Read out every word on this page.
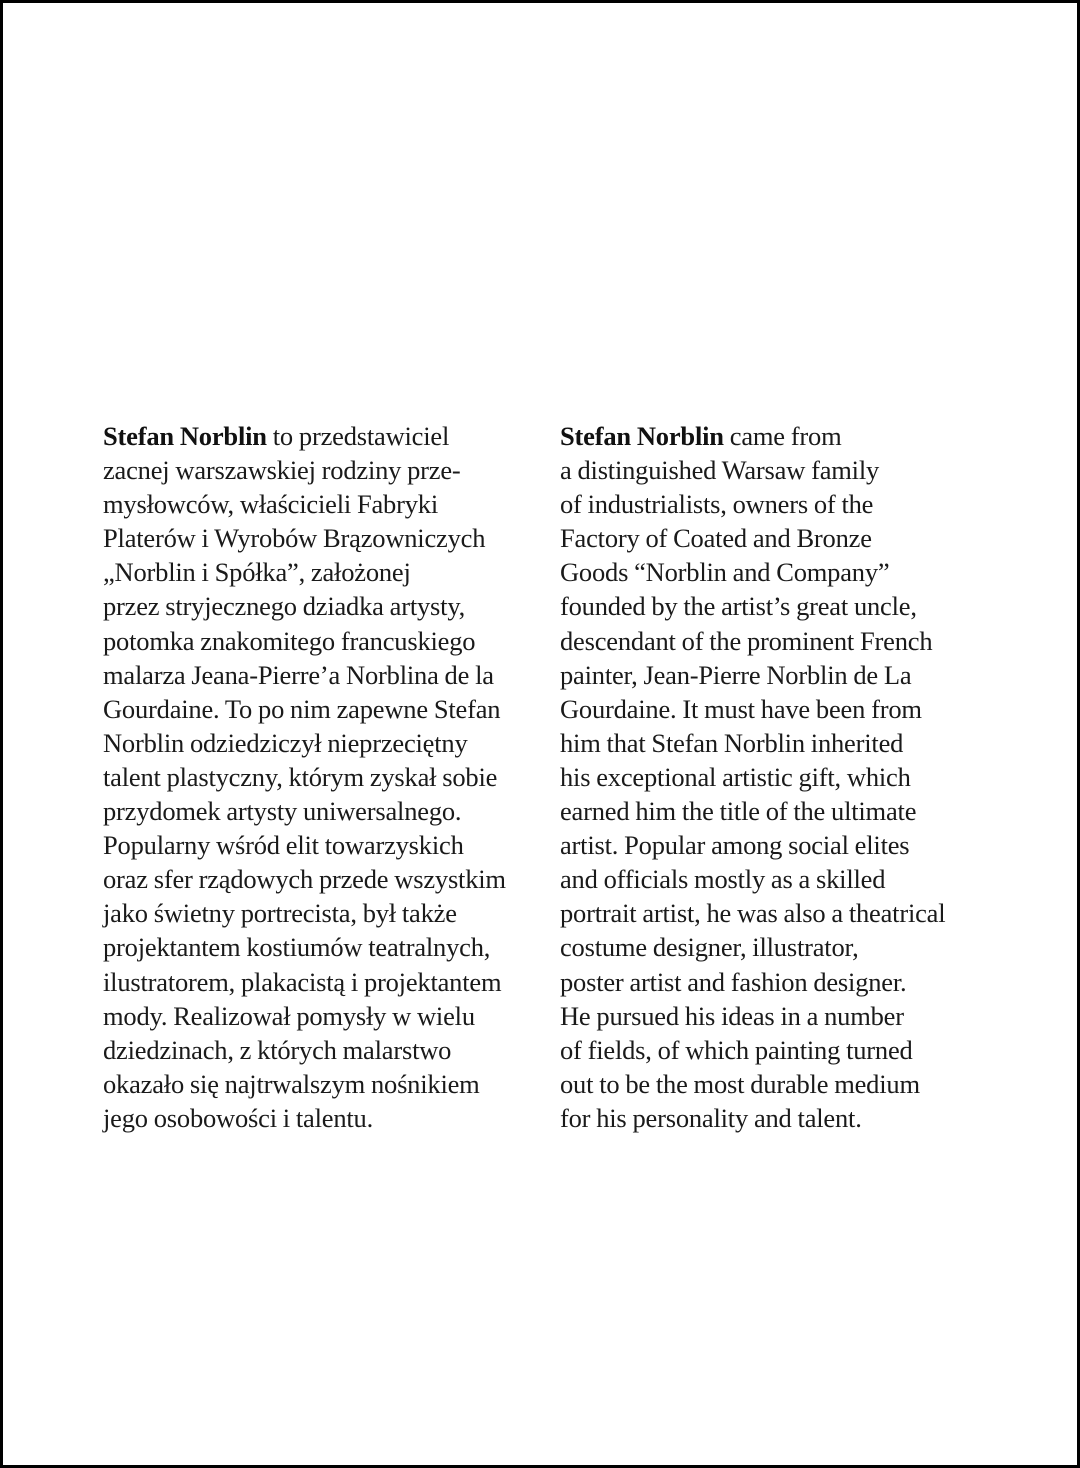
Stefan Norblin to przedstawiciel
zacnej warszawskiej rodziny prze-
mysłowców, właścicieli Fabryki
Platerów i Wyrobów Brązowniczych
„Norblin i Spółka”, założonej
przez stryjecznego dziadka artysty,
potomka znakomitego francuskiego
malarza Jeana-Pierre’a Norblina de la
Gourdaine. To po nim zapewne Stefan
Norblin odziedziczył nieprzeciętny
talent plastyczny, którym zyskał sobie
przydomek artysty uniwersalnego.
Popularny wśród elit towarzyskich
oraz sfer rządowych przede wszystkim
jako świetny portrecista, był także
projektantem kostiumów teatralnych,
ilustratorem, plakacistą i projektantem
mody. Realizował pomysły w wielu
dziedzinach, z których malarstwo
okazało się najtrwalszym nośnikiem
jego osobowości i talentu.
Stefan Norblin came from
a distinguished Warsaw family
of industrialists, owners of the
Factory of Coated and Bronze
Goods “Norblin and Company”
founded by the artist’s great uncle,
descendant of the prominent French
painter, Jean-Pierre Norblin de La
Gourdaine. It must have been from
him that Stefan Norblin inherited
his exceptional artistic gift, which
earned him the title of the ultimate
artist. Popular among social elites
and officials mostly as a skilled
portrait artist, he was also a theatrical
costume designer, illustrator,
poster artist and fashion designer.
He pursued his ideas in a number
of fields, of which painting turned
out to be the most durable medium
for his personality and talent.
